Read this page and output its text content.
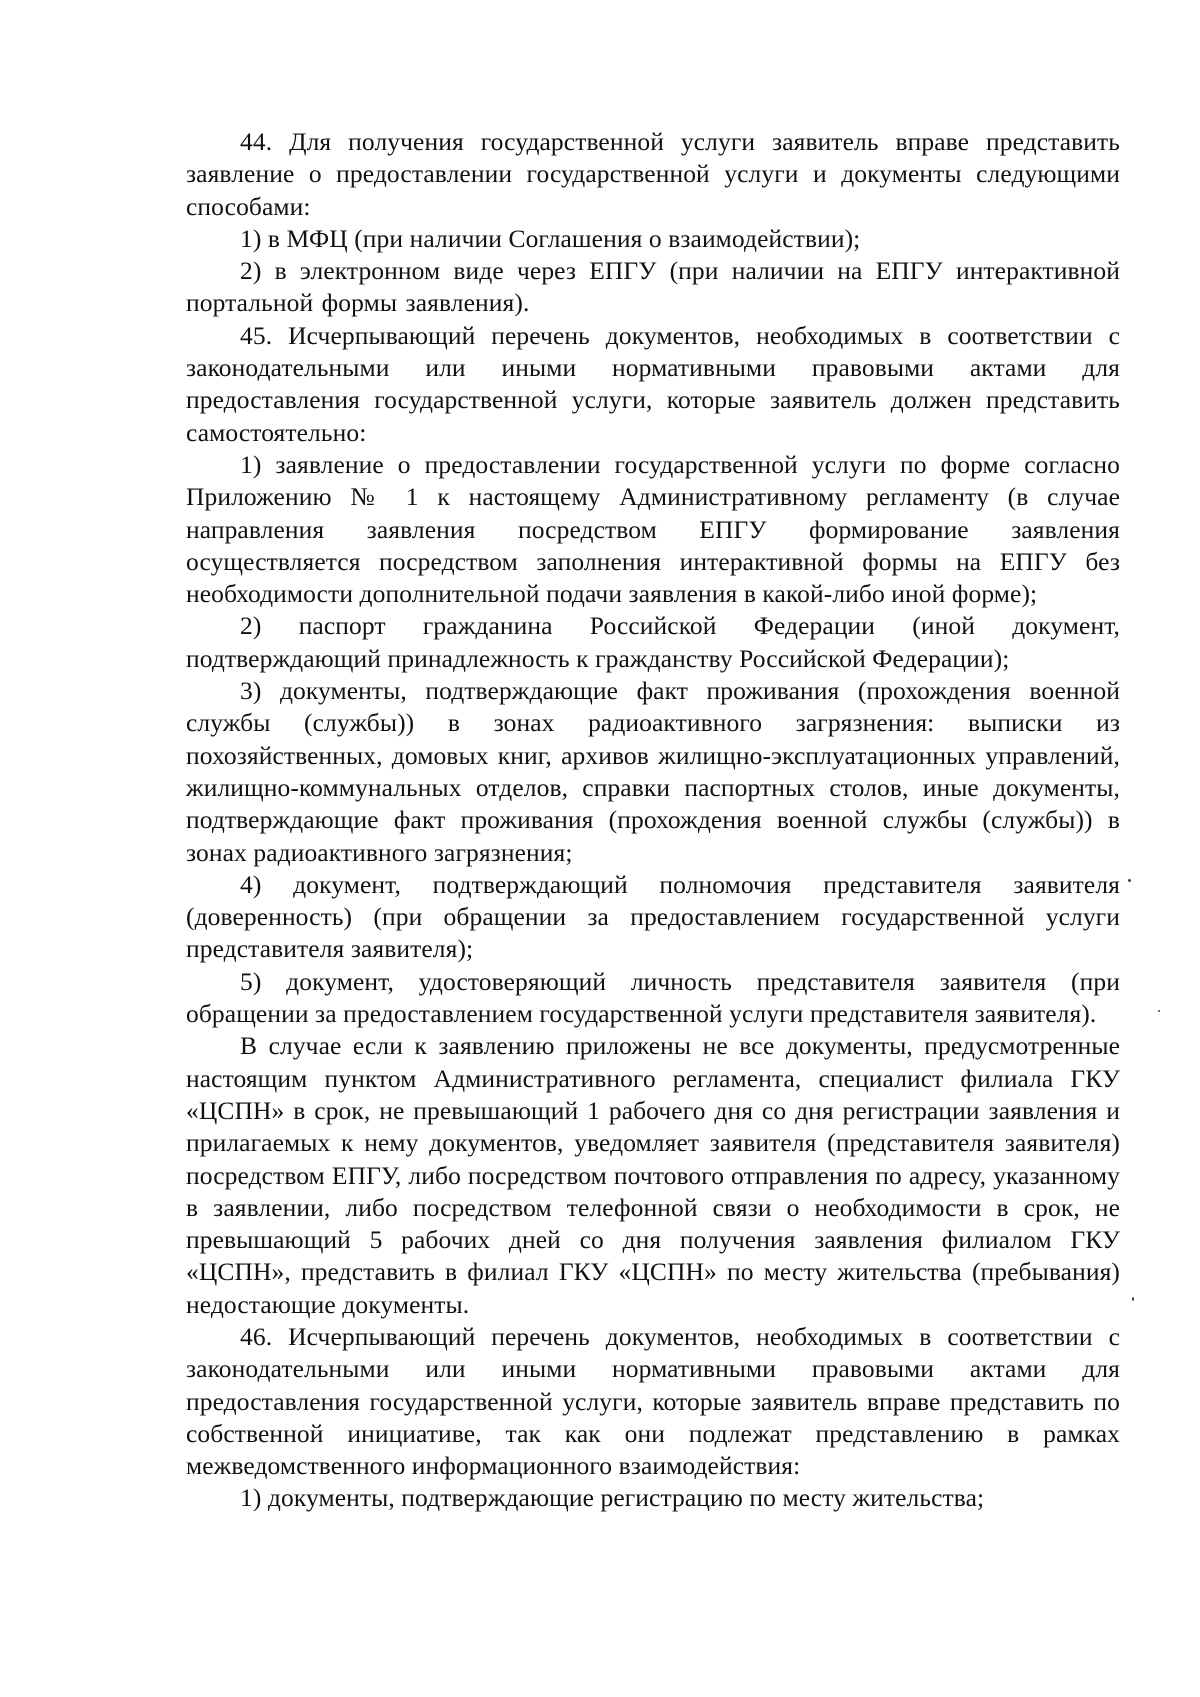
44. Для получения государственной услуги заявитель вправе представить заявление о предоставлении государственной услуги и документы следующими способами:

1) в МФЦ (при наличии Соглашения о взаимодействии);

2) в электронном виде через ЕПГУ (при наличии на ЕПГУ интерактивной портальной формы заявления).

45. Исчерпывающий перечень документов, необходимых в соответствии с законодательными или иными нормативными правовыми актами для предоставления государственной услуги, которые заявитель должен представить самостоятельно:

1) заявление о предоставлении государственной услуги по форме согласно Приложению № 1 к настоящему Административному регламенту (в случае направления заявления посредством ЕПГУ формирование заявления осуществляется посредством заполнения интерактивной формы на ЕПГУ без необходимости дополнительной подачи заявления в какой-либо иной форме);

2) паспорт гражданина Российской Федерации (иной документ, подтверждающий принадлежность к гражданству Российской Федерации);

3) документы, подтверждающие факт проживания (прохождения военной службы (службы)) в зонах радиоактивного загрязнения: выписки из похозяйственных, домовых книг, архивов жилищно-эксплуатационных управлений, жилищно-коммунальных отделов, справки паспортных столов, иные документы, подтверждающие факт проживания (прохождения военной службы (службы)) в зонах радиоактивного загрязнения;

4) документ, подтверждающий полномочия представителя заявителя (доверенность) (при обращении за предоставлением государственной услуги представителя заявителя);

5) документ, удостоверяющий личность представителя заявителя (при обращении за предоставлением государственной услуги представителя заявителя).

В случае если к заявлению приложены не все документы, предусмотренные настоящим пунктом Административного регламента, специалист филиала ГКУ «ЦСПН» в срок, не превышающий 1 рабочего дня со дня регистрации заявления и прилагаемых к нему документов, уведомляет заявителя (представителя заявителя) посредством ЕПГУ, либо посредством почтового отправления по адресу, указанному в заявлении, либо посредством телефонной связи о необходимости в срок, не превышающий 5 рабочих дней со дня получения заявления филиалом ГКУ «ЦСПН», представить в филиал ГКУ «ЦСПН» по месту жительства (пребывания) недостающие документы.

46. Исчерпывающий перечень документов, необходимых в соответствии с законодательными или иными нормативными правовыми актами для предоставления государственной услуги, которые заявитель вправе представить по собственной инициативе, так как они подлежат представлению в рамках межведомственного информационного взаимодействия:

1) документы, подтверждающие регистрацию по месту жительства;
